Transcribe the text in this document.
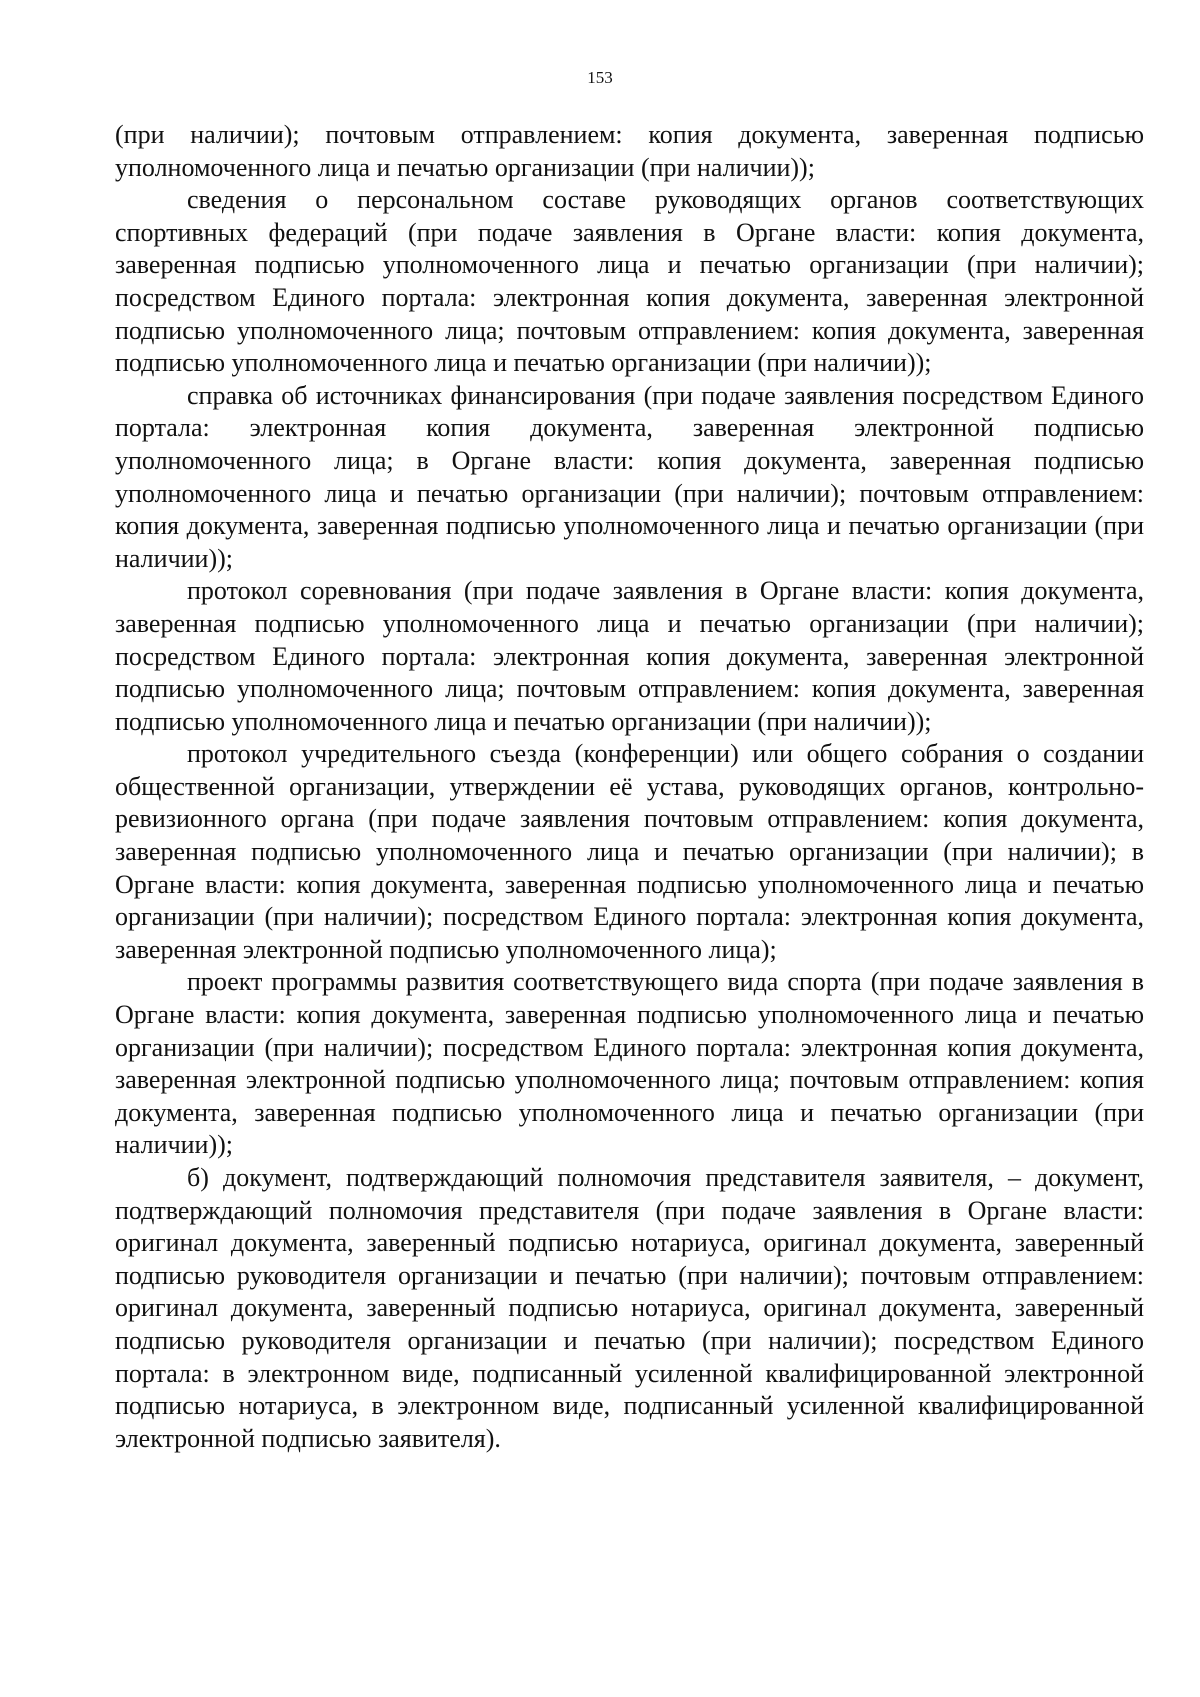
153

(при наличии); почтовым отправлением: копия документа, заверенная подписью уполномоченного лица и печатью организации (при наличии));

сведения о персональном составе руководящих органов соответствующих спортивных федераций (при подаче заявления в Органе власти: копия документа, заверенная подписью уполномоченного лица и печатью организации (при наличии); посредством Единого портала: электронная копия документа, заверенная электронной подписью уполномоченного лица; почтовым отправлением: копия документа, заверенная подписью уполномоченного лица и печатью организации (при наличии));

справка об источниках финансирования (при подаче заявления посредством Единого портала: электронная копия документа, заверенная электронной подписью уполномоченного лица; в Органе власти: копия документа, заверенная подписью уполномоченного лица и печатью организации (при наличии); почтовым отправлением: копия документа, заверенная подписью уполномоченного лица и печатью организации (при наличии));

протокол соревнования (при подаче заявления в Органе власти: копия документа, заверенная подписью уполномоченного лица и печатью организации (при наличии); посредством Единого портала: электронная копия документа, заверенная электронной подписью уполномоченного лица; почтовым отправлением: копия документа, заверенная подписью уполномоченного лица и печатью организации (при наличии));

протокол учредительного съезда (конференции) или общего собрания о создании общественной организации, утверждении её устава, руководящих органов, контрольно-ревизионного органа (при подаче заявления почтовым отправлением: копия документа, заверенная подписью уполномоченного лица и печатью организации (при наличии); в Органе власти: копия документа, заверенная подписью уполномоченного лица и печатью организации (при наличии); посредством Единого портала: электронная копия документа, заверенная электронной подписью уполномоченного лица);

проект программы развития соответствующего вида спорта (при подаче заявления в Органе власти: копия документа, заверенная подписью уполномоченного лица и печатью организации (при наличии); посредством Единого портала: электронная копия документа, заверенная электронной подписью уполномоченного лица; почтовым отправлением: копия документа, заверенная подписью уполномоченного лица и печатью организации (при наличии));

б) документ, подтверждающий полномочия представителя заявителя, – документ, подтверждающий полномочия представителя (при подаче заявления в Органе власти: оригинал документа, заверенный подписью нотариуса, оригинал документа, заверенный подписью руководителя организации и печатью (при наличии); почтовым отправлением: оригинал документа, заверенный подписью нотариуса, оригинал документа, заверенный подписью руководителя организации и печатью (при наличии); посредством Единого портала: в электронном виде, подписанный усиленной квалифицированной электронной подписью нотариуса, в электронном виде, подписанный усиленной квалифицированной электронной подписью заявителя).
